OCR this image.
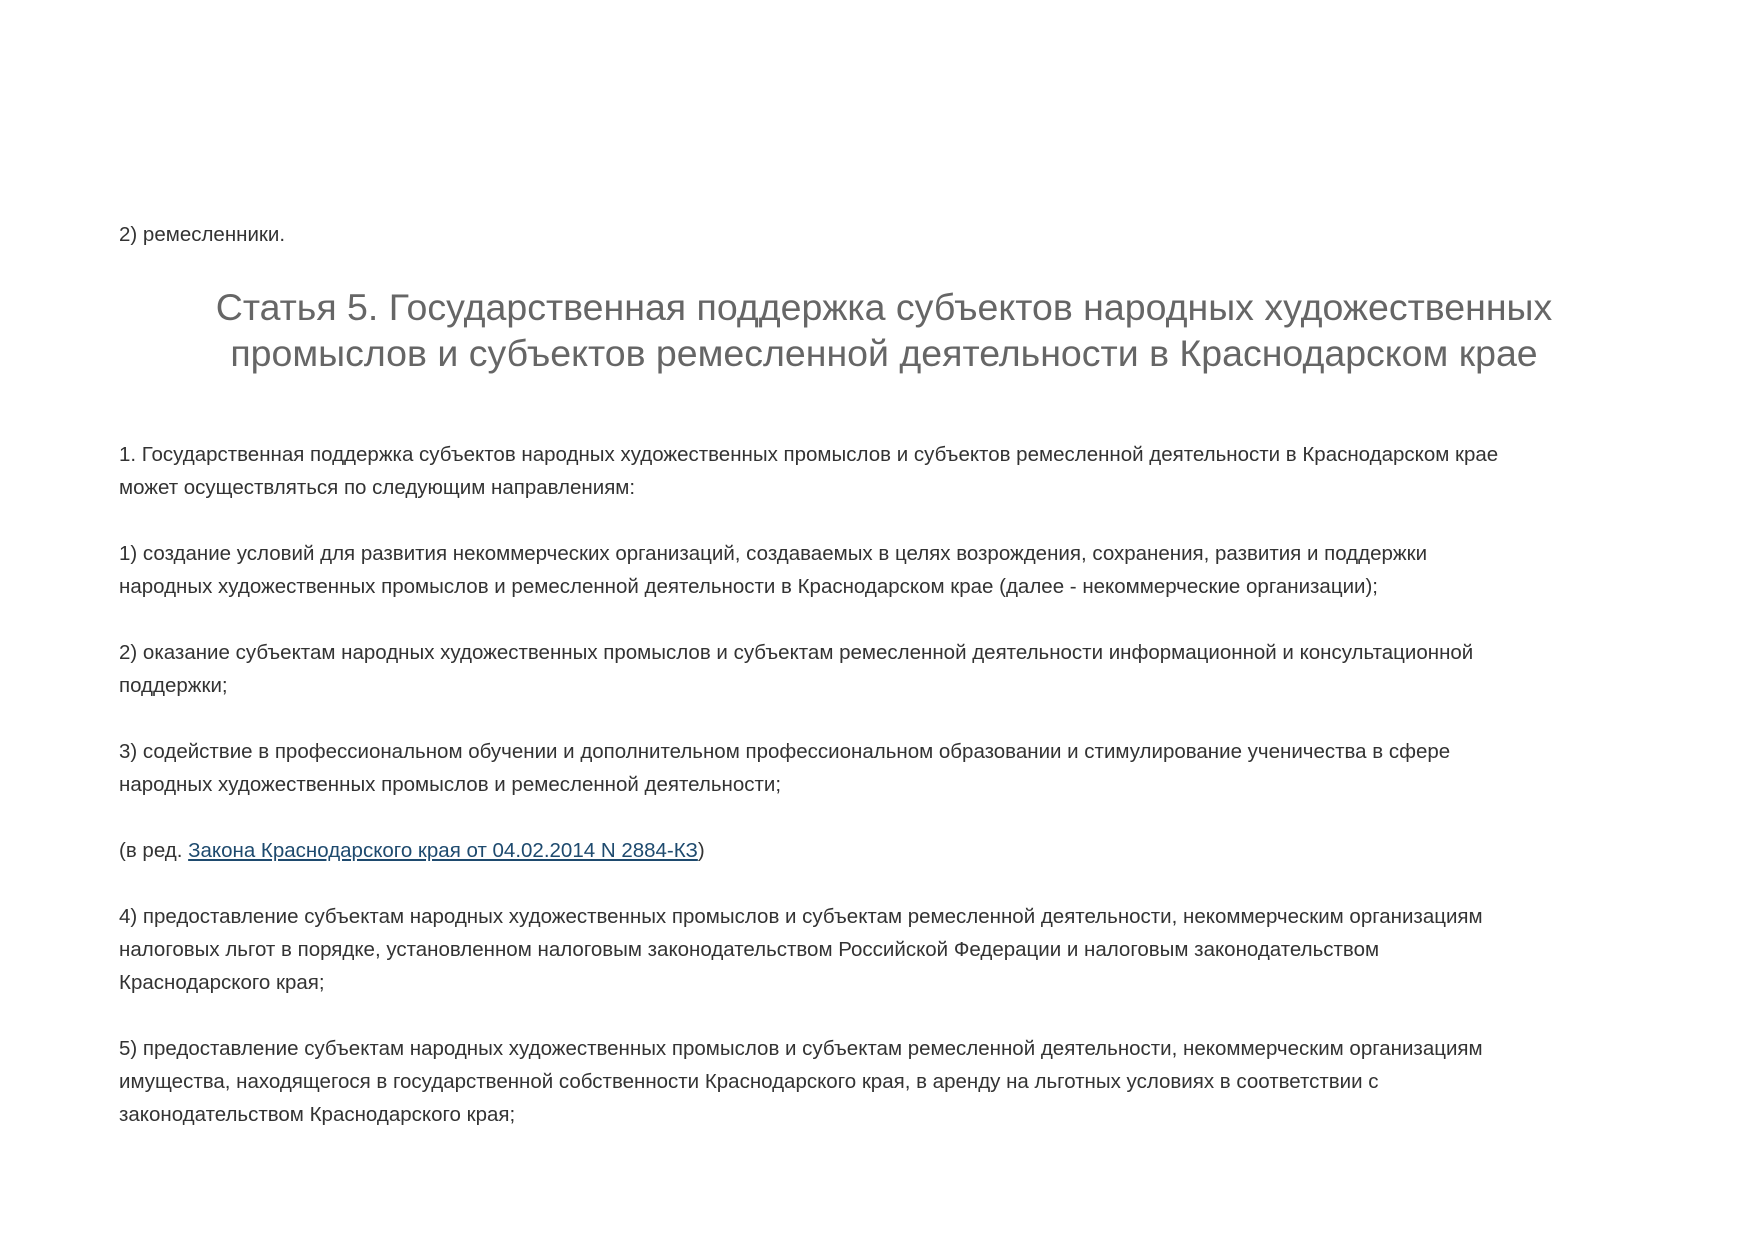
2) ремесленники.
Статья 5. Государственная поддержка субъектов народных художественных
промыслов и субъектов ремесленной деятельности в Краснодарском крае

1. Государственная поддержка субъектов народных художественных промыслов и субъектов ремесленной деятельности в Краснодарском крае
может осуществляться по следующим направлениям:

1) создание условий для развития некоммерческих организаций, создаваемых в целях возрождения, сохранения, развития и поддержки
народных художественных промыслов и ремесленной деятельности в Краснодарском крае (далее - некоммерческие организации);

2) оказание субъектам народных художественных промыслов и субъектам ремесленной деятельности информационной и консультационной
поддержки;

3) содействие в профессиональном обучении и дополнительном профессиональном образовании и стимулирование ученичества в сфере
народных художественных промыслов и ремесленной деятельности;

(в ред. Закона Краснодарского края от 04.02.2014 N 2884-КЗ)

4) предоставление субъектам народных художественных промыслов и субъектам ремесленной деятельности, некоммерческим организациям
налоговых льгот в порядке, установленном налоговым законодательством Российской Федерации и налоговым законодательством
Краснодарского края;

5) предоставление субъектам народных художественных промыслов и субъектам ремесленной деятельности, некоммерческим организациям
имущества, находящегося в государственной собственности Краснодарского края, в аренду на льготных условиях в соответствии с
законодательством Краснодарского края;
